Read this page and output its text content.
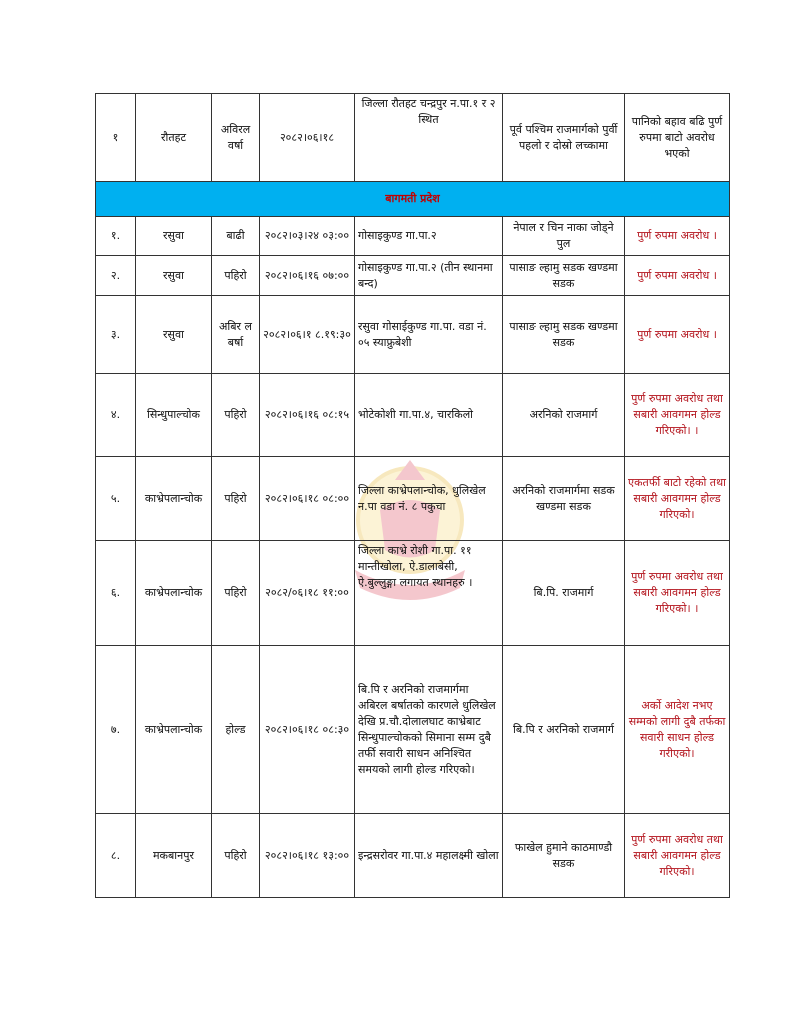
१	रौतहट	अविरल वर्षा	२०८२।०६।१८	जिल्ला रौतहट चन्द्रपुर न.पा.१ र २ स्थित	पूर्व पश्चिम राजमार्गको पुर्वी पहलो र दोस्रो लच्कामा	पानिको बहाव बढि पुर्ण रुपमा बाटो अवरोध भएको
बागमती प्रदेश						
१.	रसुवा	बाढी	२०८२।०३।२४ ०३:००	गोसाइकुण्ड गा.पा.२	नेपाल र चिन नाका जोड्ने पुल	पुर्ण रुपमा अवरोध ।
२.	रसुवा	पहिरो	२०८२।०६।१६ ०७:००	गोसाइकुण्ड गा.पा.२ (तीन स्थानमा बन्द)	पासाङ ल्हामु सडक खण्डमा सडक	पुर्ण रुपमा अवरोध ।
३.	रसुवा	अबिर ल बर्षा	२०८२।०६।१ ८.१९:३०	रसुवा गोसाईकुण्ड गा.पा. वडा नं. ०५ स्याफ्रुबेशी	पासाङ ल्हामु सडक खण्डमा सडक	पुर्ण रुपमा अवरोध ।
४.	सिन्धुपाल्चोक	पहिरो	२०८२।०६।१६ ०८:१५	भोटेकोशी गा.पा.४, चारकिलो	अरनिको राजमार्ग	पुर्ण रुपमा अवरोध तथा सबारी आवगमन होल्ड गरिएको। ।
५.	काभ्रेपलान्चोक	पहिरो	२०८२।०६।१८ ०८:००	जिल्ला काभ्रेपलान्चोक, धुलिखेल न.पा वडा नं. ८ पकुचा	अरनिको राजमार्गमा सडक खण्डमा सडक	एकतर्फी बाटो रहेको तथा सबारी आवगमन होल्ड गरिएको।
६.	काभ्रेपलान्चोक	पहिरो	२०८२/०६।१८ ११:००	जिल्ला काभ्रे रोशी गा.पा. ११ मान्तीखोला, ऐ.डालाबेसी, ऐ.बुल्लुङ्गा लगायत स्थानहरु ।	बि.पि. राजमार्ग	पुर्ण रुपमा अवरोध तथा सबारी आवगमन होल्ड गरिएको। ।
७.	काभ्रेपलान्चोक	होल्ड	२०८२।०६।१८ ०८:३०	बि.पि र अरनिको राजमार्गमा अबिरल बर्षातको कारणले धुलिखेल देखि प्र.चौ.दोलालघाट काभ्रेबाट सिन्धुपाल्चोकको सिमाना सम्म दुबै तर्फी सवारी साधन अनिश्चित समयको लागी होल्ड गरिएको।	बि.पि र अरनिको राजमार्ग	अर्को आदेश नभए सम्मको लागी दुबै तर्फका सवारी साधन होल्ड गरीएको।
८.	मकबानपुर	पहिरो	२०८२।०६।१८ १३:००	इन्द्रसरोवर गा.पा.४ महालक्ष्मी खोला	फाखेल हुमाने काठमाण्डौ सडक	पुर्ण रुपमा अवरोध तथा सबारी आवगमन होल्ड गरिएको।
